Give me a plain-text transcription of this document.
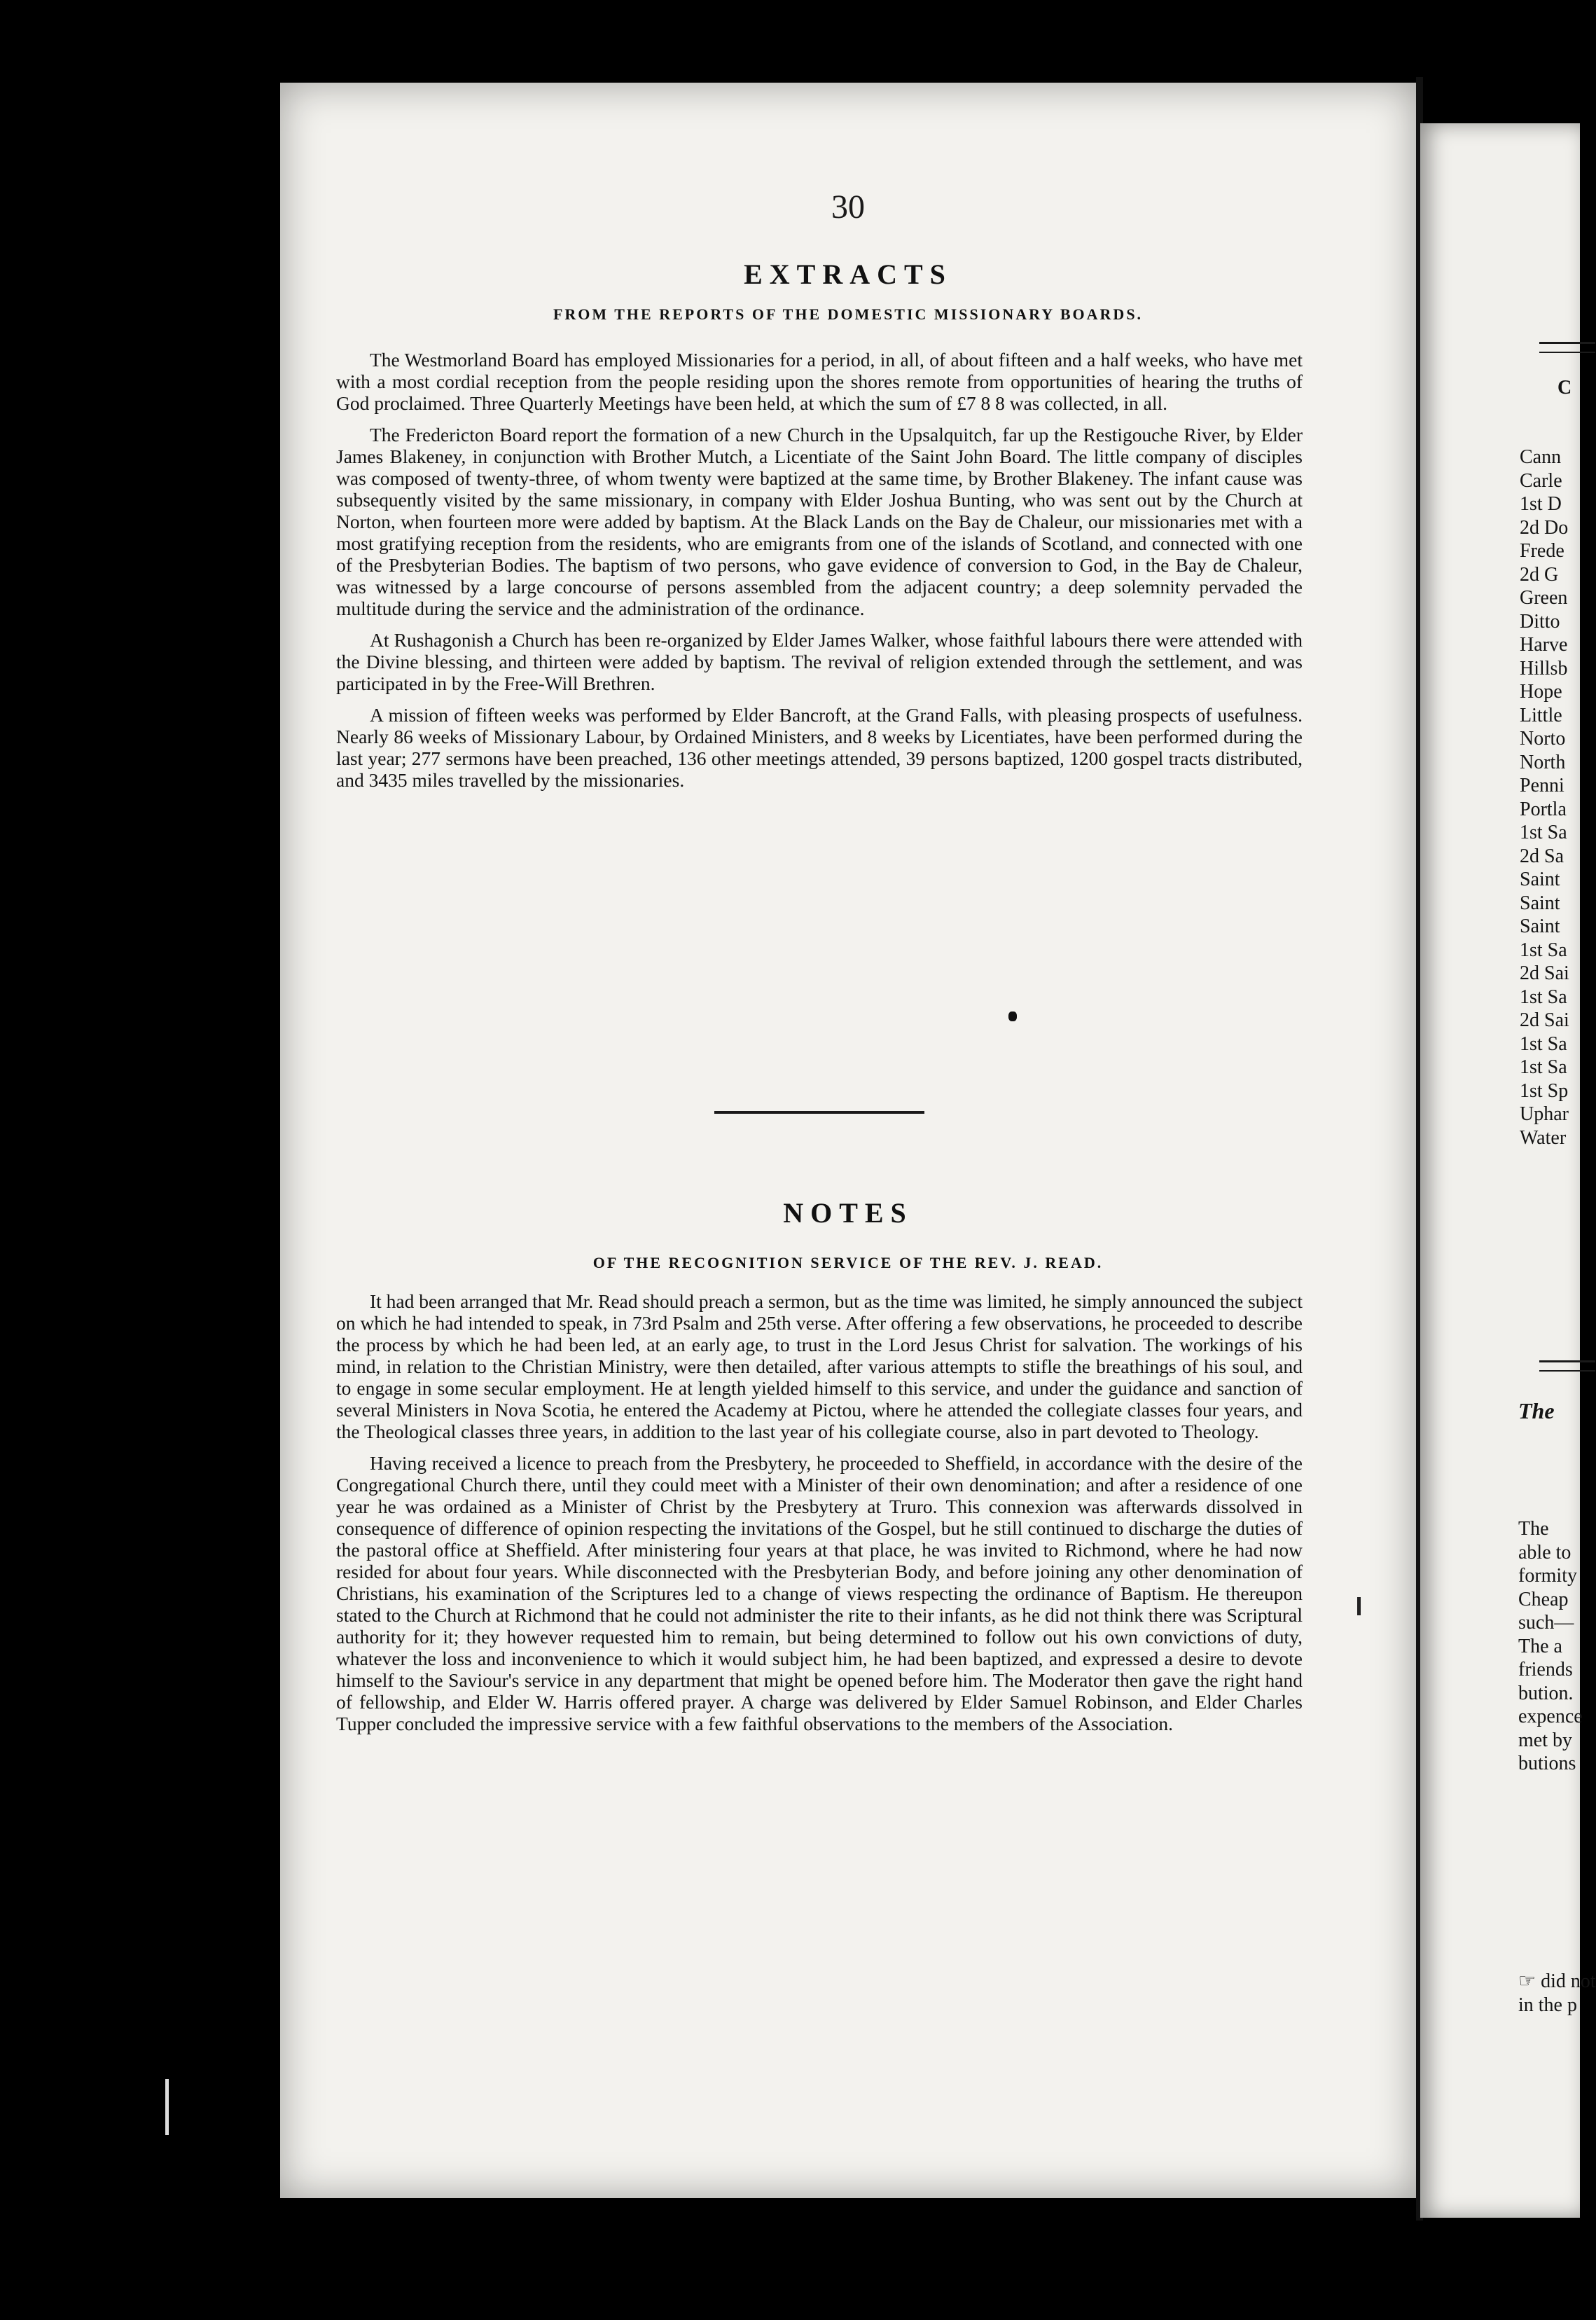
30
EXTRACTS
FROM THE REPORTS OF THE DOMESTIC MISSIONARY BOARDS.

The Westmorland Board has employed Missionaries for a period, in all, of about fifteen and a half weeks, who have met with a most cordial reception from the people residing upon the shores remote from opportunities of hearing the truths of God proclaimed. Three Quarterly Meetings have been held, at which the sum of £7 8 8 was collected, in all.

The Fredericton Board report the formation of a new Church in the Upsalquitch, far up the Restigouche River, by Elder James Blakeney, in conjunction with Brother Mutch, a Licentiate of the Saint John Board. The little company of disciples was composed of twenty-three, of whom twenty were baptized at the same time, by Brother Blakeney. The infant cause was subsequently visited by the same missionary, in company with Elder Joshua Bunting, who was sent out by the Church at Norton, when fourteen more were added by baptism. At the Black Lands on the Bay de Chaleur, our missionaries met with a most gratifying reception from the residents, who are emigrants from one of the islands of Scotland, and connected with one of the Presbyterian Bodies. The baptism of two persons, who gave evidence of conversion to God, in the Bay de Chaleur, was witnessed by a large concourse of persons assembled from the adjacent country; a deep solemnity pervaded the multitude during the service and the administration of the ordinance.

At Rushagonish a Church has been re-organized by Elder James Walker, whose faithful labours there were attended with the Divine blessing, and thirteen were added by baptism. The revival of religion extended through the settlement, and was participated in by the Free-Will Brethren.

A mission of fifteen weeks was performed by Elder Bancroft, at the Grand Falls, with pleasing prospects of usefulness. Nearly 86 weeks of Missionary Labour, by Ordained Ministers, and 8 weeks by Licentiates, have been performed during the last year; 277 sermons have been preached, 136 other meetings attended, 39 persons baptized, 1200 gospel tracts distributed, and 3435 miles travelled by the missionaries.

NOTES
OF THE RECOGNITION SERVICE OF THE REV. J. READ.

It had been arranged that Mr. Read should preach a sermon, but as the time was limited, he simply announced the subject on which he had intended to speak, in 73rd Psalm and 25th verse. After offering a few observations, he proceeded to describe the process by which he had been led, at an early age, to trust in the Lord Jesus Christ for salvation. The workings of his mind, in relation to the Christian Ministry, were then detailed, after various attempts to stifle the breathings of his soul, and to engage in some secular employment. He at length yielded himself to this service, and under the guidance and sanction of several Ministers in Nova Scotia, he entered the Academy at Pictou, where he attended the collegiate classes four years, and the Theological classes three years, in addition to the last year of his collegiate course, also in part devoted to Theology.

Having received a licence to preach from the Presbytery, he proceeded to Sheffield, in accordance with the desire of the Congregational Church there, until they could meet with a Minister of their own denomination; and after a residence of one year he was ordained as a Minister of Christ by the Presbytery at Truro. This connexion was afterwards dissolved in consequence of difference of opinion respecting the invitations of the Gospel, but he still continued to discharge the duties of the pastoral office at Sheffield. After ministering four years at that place, he was invited to Richmond, where he had now resided for about four years. While disconnected with the Presbyterian Body, and before joining any other denomination of Christians, his examination of the Scriptures led to a change of views respecting the ordinance of Baptism. He thereupon stated to the Church at Richmond that he could not administer the rite to their infants, as he did not think there was Scriptural authority for it; they however requested him to remain, but being determined to follow out his own convictions of duty, whatever the loss and inconvenience to which it would subject him, he had been baptized, and expressed a desire to devote himself to the Saviour's service in any department that might be opened before him. The Moderator then gave the right hand of fellowship, and Elder W. Harris offered prayer. A charge was delivered by Elder Samuel Robinson, and Elder Charles Tupper concluded the impressive service with a few faithful observations to the members of the Association.

C
Cann
Carle
1st D
2d Do
Frede
2d G
Green
Ditto
Harve
Hillsb
Hope
Little
Norto
North
Penni
Portla
1st Sa
2d Sa
Saint
Saint
Saint
1st Sa
2d Sai
1st Sa
2d Sai
1st Sa
1st Sa
1st Sp
Uphar
Water
The
The
able to
formity
Cheap
such—
The a
friends
bution.
expence
met by
butions
☞ did not
in the p
